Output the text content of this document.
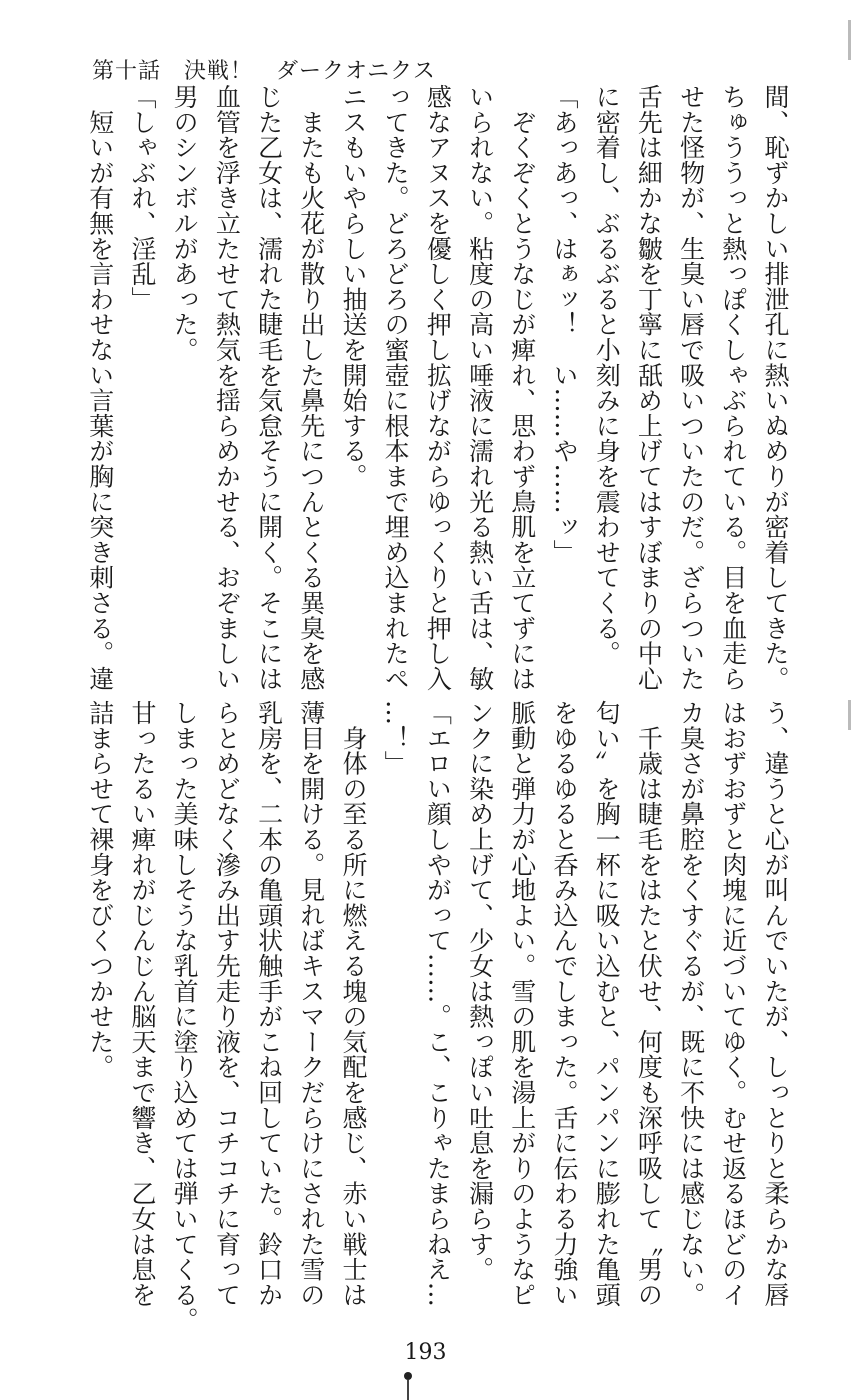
第十話　決戦！　ダークオニクス
間、恥ずかしい排泄孔に熱いぬめりが密着してきた。
ちゅううっと熱っぽくしゃぶられている。目を血走ら
せた怪物が、生臭い唇で吸いついたのだ。ざらついた
舌先は細かな皺を丁寧に舐め上げてはすぼまりの中心
に密着し、ぶるぶると小刻みに身を震わせてくる。
「あっあっ、はぁッ！　い……や……ッ」
　ぞくぞくとうなじが痺れ、思わず鳥肌を立てずには
いられない。粘度の高い唾液に濡れ光る熱い舌は、敏
感なアヌスを優しく押し拡げながらゆっくりと押し入
ってきた。どろどろの蜜壺に根本まで埋め込まれたペ
ニスもいやらしい抽送を開始する。
　またも火花が散り出した鼻先につんとくる異臭を感
じた乙女は、濡れた睫毛を気怠そうに開く。そこには
血管を浮き立たせて熱気を揺らめかせる、おぞましい
男のシンボルがあった。
「しゃぶれ、淫乱」
　短いが有無を言わせない言葉が胸に突き刺さる。違
う、違うと心が叫んでいたが、しっとりと柔らかな唇
はおずおずと肉塊に近づいてゆく。むせ返るほどのイ
カ臭さが鼻腔をくすぐるが、既に不快には感じない。
　千歳は睫毛をはたと伏せ、何度も深呼吸して〝男の
匂い〟を胸一杯に吸い込むと、パンパンに膨れた亀頭
をゆるゆると呑み込んでしまった。舌に伝わる力強い
脈動と弾力が心地よい。雪の肌を湯上がりのようなピ
ンクに染め上げて、少女は熱っぽい吐息を漏らす。
「エロい顔しやがって……。こ、こりゃたまらねえ…
…！」
　身体の至る所に燃える塊の気配を感じ、赤い戦士は
薄目を開ける。見ればキスマークだらけにされた雪の
乳房を、二本の亀頭状触手がこね回していた。鈴口か
らとめどなく滲み出す先走り液を、コチコチに育って
しまった美味しそうな乳首に塗り込めては弾いてくる。
甘ったるい痺れがじんじん脳天まで響き、乙女は息を
詰まらせて裸身をびくつかせた。
193
